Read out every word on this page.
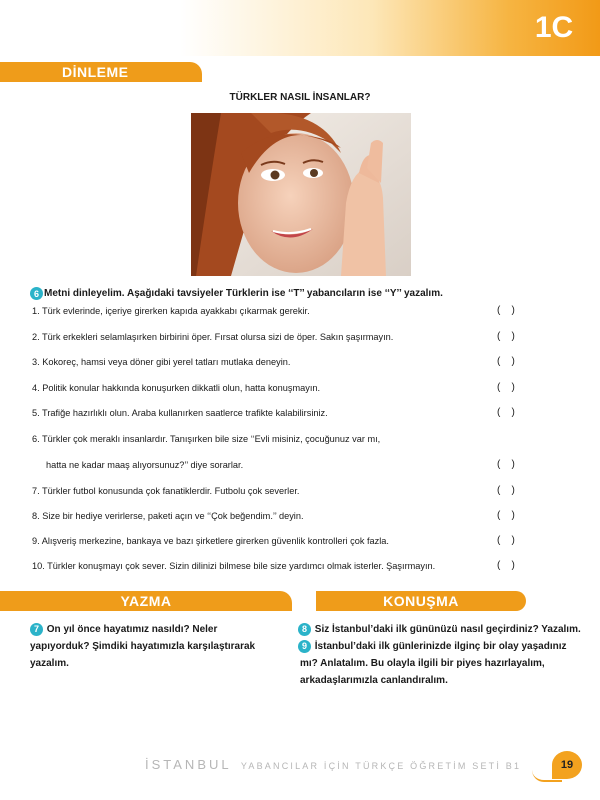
1C
DİNLEME
TÜRKLER NASIL İNSANLAR?
6 Metni dinleyelim. Aşağıdaki tavsiyeler Türklerin ise ‘‘T’’ yabancıların ise ‘‘Y’’ yazalım.
1. Türk evlerinde, içeriye girerken kapıda ayakkabı çıkarmak gerekir.	(    )
2. Türk erkekleri selamlaşırken birbirini öper. Fırsat olursa sizi de öper. Sakın şaşırmayın.	(    )
3. Kokoreç, hamsi veya döner gibi yerel tatları mutlaka deneyin.	(    )
4. Politik konular hakkında konuşurken dikkatli olun, hatta konuşmayın.	(    )
5. Trafiğe hazırlıklı olun. Araba kullanırken saatlerce trafikte kalabilirsiniz.	(    )
6. Türkler çok meraklı insanlardır. Tanışırken bile size ‘‘Evli misiniz, çocuğunuz var mı,
hatta ne kadar maaş alıyorsunuz?’’ diye sorarlar.	(    )
7. Türkler futbol konusunda çok fanatiklerdir. Futbolu çok severler.	(    )
8. Size bir hediye verirlerse, paketi açın ve ‘‘Çok beğendim.’’ deyin.	(    )
9. Alışveriş merkezine, bankaya ve bazı şirketlere girerken güvenlik kontrolleri çok fazla.	(    )
10. Türkler konuşmayı çok sever. Sizin dilinizi bilmese bile size yardımcı olmak isterler. Şaşırmayın.	(    )
YAZMA	KONUŞMA
7 On yıl önce hayatımız nasıldı? Neler
yapıyorduk? Şimdiki hayatımızla karşılaştırarak
yazalım.
8 Siz İstanbul’daki ilk gününüzü nasıl geçirdiniz? Yazalım.
9 İstanbul’daki ilk günlerinizde ilginç bir olay yaşadınız
mı? Anlatalım. Bu olayla ilgili bir piyes hazırlayalım,
arkadaşlarımızla canlandıralım.
İSTANBUL YABANCILAR İÇİN TÜRKÇE ÖĞRETİM SETİ B1	19
